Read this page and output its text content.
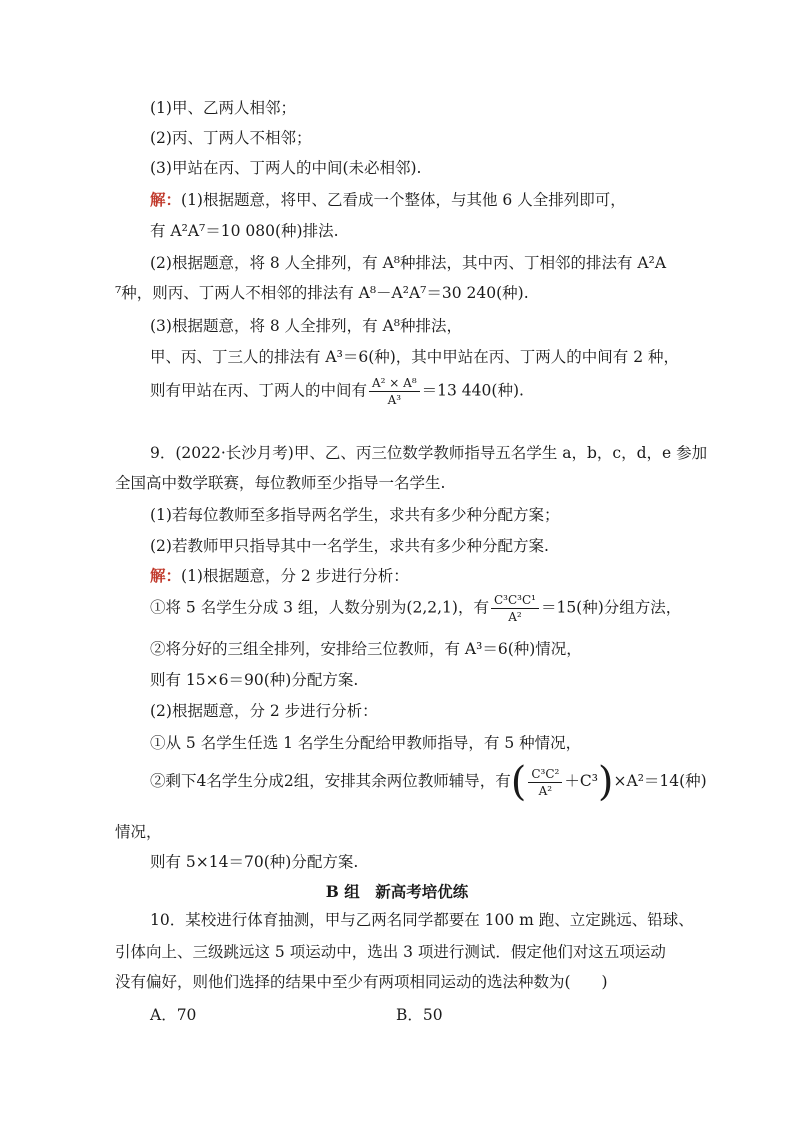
(1)甲、乙两人相邻；
(2)丙、丁两人不相邻；
(3)甲站在丙、丁两人的中间(未必相邻).
解：(1)根据题意，将甲、乙看成一个整体，与其他 6 人全排列即可，
有 A²A⁷＝10 080(种)排法.
(2)根据题意，将 8 人全排列，有 A⁸种排法，其中丙、丁相邻的排法有 A²A
⁷种，则丙、丁两人不相邻的排法有 A⁸－A²A⁷＝30 240(种).
(3)根据题意，将 8 人全排列，有 A⁸种排法，
甲、丙、丁三人的排法有 A³＝6(种)，其中甲站在丙、丁两人的中间有 2 种，
则有甲站在丙、丁两人的中间有 $\frac{\text{A² × A⁸}}{\text{A³}} =13$ 440(种).
9．(2022·长沙月考)甲、乙、丙三位数学教师指导五名学生 a，b，c，d，e 参加
全国高中数学联赛，每位教师至少指导一名学生.
(1)若每位教师至多指导两名学生，求共有多少种分配方案；
(2)若教师甲只指导其中一名学生，求共有多少种分配方案.
解：(1)根据题意，分 2 步进行分析：
①将 5 名学生分成 3 组，人数分别为(2,2,1)，有 $\frac{\text{C³C³C¹}}{\text{A²}} =15$(种)分组方法，
②将分好的三组全排列，安排给三位教师，有 A³＝6(种)情况，
则有 15×6＝90(种)分配方案.
(2)根据题意，分 2 步进行分析：
①从 5 名学生任选 1 名学生分配给甲教师指导，有 5 种情况，
②剩下4名学生分成2组，安排其余两位教师辅导，有( $\frac{\text{C³C²}}{\text{A²}} +C^3)\times A^2=14$(种)
情况，
则有 5×14＝70(种)分配方案.
B 组　新高考培优练
10．某校进行体育抽测，甲与乙两名同学都要在 100 m 跑、立定跳远、铅球、
引体向上、三级跳远这 5 项运动中，选出 3 项进行测试．假定他们对这五项运动
没有偏好，则他们选择的结果中至少有两项相同运动的选法种数为(　　)
A．70	B．50
